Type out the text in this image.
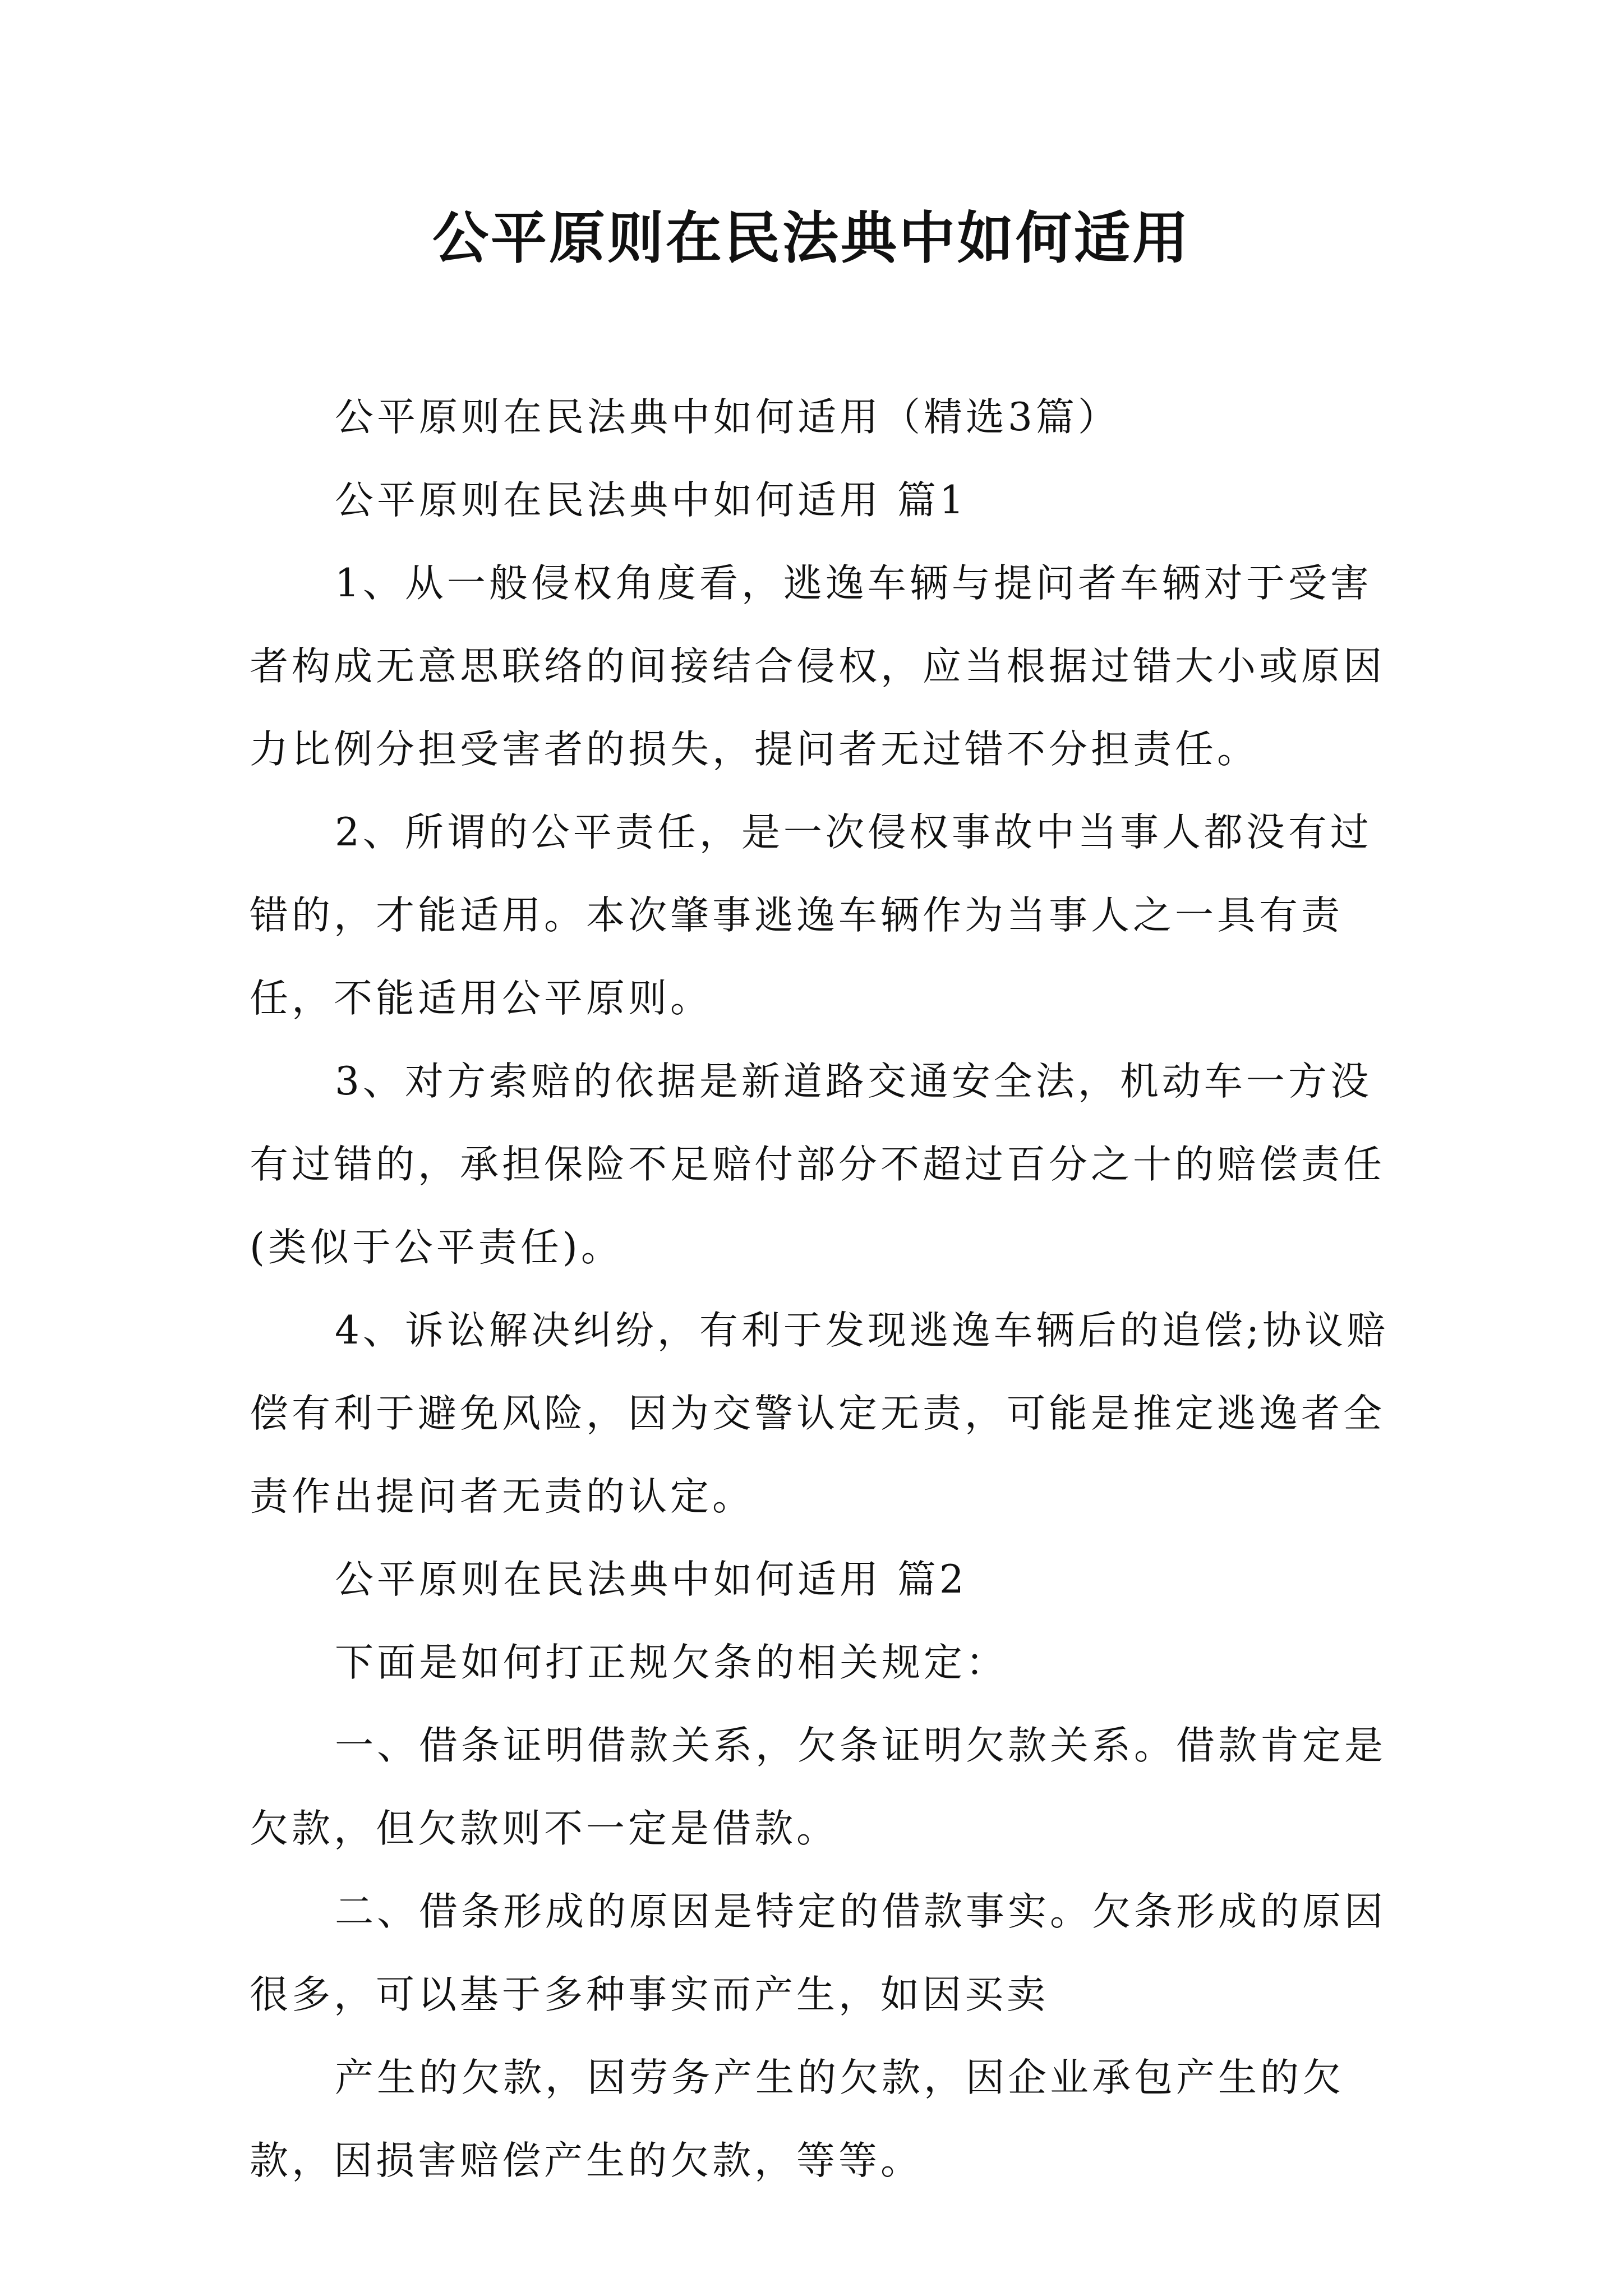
公平原则在民法典中如何适用

公平原则在民法典中如何适用（精选3篇）

公平原则在民法典中如何适用 篇1

1、从一般侵权角度看，逃逸车辆与提问者车辆对于受害者构成无意思联络的间接结合侵权，应当根据过错大小或原因力比例分担受害者的损失，提问者无过错不分担责任。

2、所谓的公平责任，是一次侵权事故中当事人都没有过错的，才能适用。本次肇事逃逸车辆作为当事人之一具有责任，不能适用公平原则。

3、对方索赔的依据是新道路交通安全法，机动车一方没有过错的，承担保险不足赔付部分不超过百分之十的赔偿责任(类似于公平责任)。

4、诉讼解决纠纷，有利于发现逃逸车辆后的追偿;协议赔偿有利于避免风险，因为交警认定无责，可能是推定逃逸者全责作出提问者无责的认定。

公平原则在民法典中如何适用 篇2

下面是如何打正规欠条的相关规定：

一、借条证明借款关系，欠条证明欠款关系。借款肯定是欠款，但欠款则不一定是借款。

二、借条形成的原因是特定的借款事实。欠条形成的原因很多，可以基于多种事实而产生，如因买卖

产生的欠款，因劳务产生的欠款，因企业承包产生的欠款，因损害赔偿产生的欠款，等等。
